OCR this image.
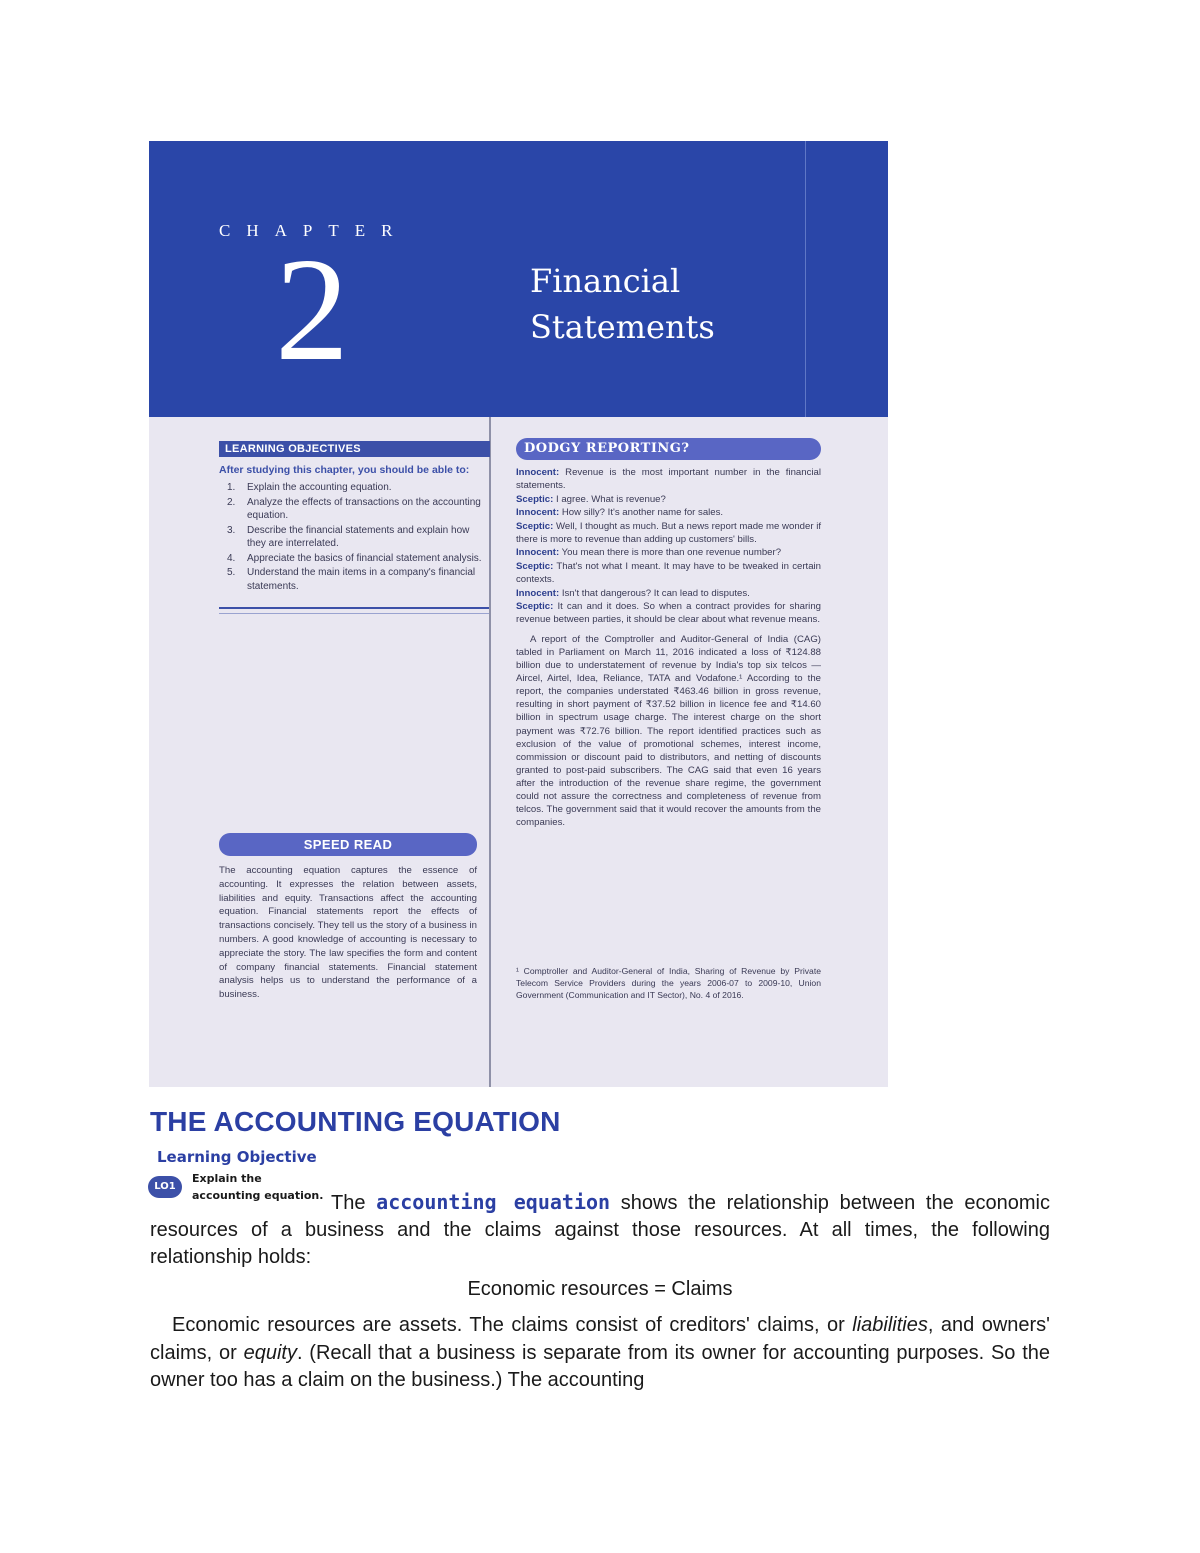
CHAPTER
2	Financial
Statements
LEARNING OBJECTIVES
After studying this chapter, you should be able to:
1. Explain the accounting equation.
2. Analyze the effects of transactions on the accounting equation.
3. Describe the financial statements and explain how they are interrelated.
4. Appreciate the basics of financial statement analysis.
5. Understand the main items in a company's financial statements.
SPEED READ

The accounting equation captures the essence of accounting. It expresses the relation between assets, liabilities and equity. Transactions affect the accounting equation. Financial statements report the effects of transactions concisely. They tell us the story of a business in numbers. A good knowledge of accounting is necessary to appreciate the story. The law specifies the form and content of company financial statements. Financial statement analysis helps us to understand the performance of a business.

DODGY REPORTING?

Innocent: Revenue is the most important number in the financial statements.

Sceptic: I agree. What is revenue?

Innocent: How silly? It's another name for sales.

Sceptic: Well, I thought as much. But a news report made me wonder if there is more to revenue than adding up customers' bills.

Innocent: You mean there is more than one revenue number?

Sceptic: That's not what I meant. It may have to be tweaked in certain contexts.

Innocent: Isn't that dangerous? It can lead to disputes.

Sceptic: It can and it does. So when a contract provides for sharing revenue between parties, it should be clear about what revenue means.

A report of the Comptroller and Auditor-General of India (CAG) tabled in Parliament on March 11, 2016 indicated a loss of ₹124.88 billion due to understatement of revenue by India's top six telcos — Aircel, Airtel, Idea, Reliance, TATA and Vodafone.¹ According to the report, the companies understated ₹463.46 billion in gross revenue, resulting in short payment of ₹37.52 billion in licence fee and ₹14.60 billion in spectrum usage charge. The interest charge on the short payment was ₹72.76 billion. The report identified practices such as exclusion of the value of promotional schemes, interest income, commission or discount paid to distributors, and netting of discounts granted to post-paid subscribers. The CAG said that even 16 years after the introduction of the revenue share regime, the government could not assure the correctness and completeness of revenue from telcos. The government said that it would recover the amounts from the companies.

¹ Comptroller and Auditor-General of India, Sharing of Revenue by Private Telecom Service Providers during the years 2006-07 to 2009-10, Union Government (Communication and IT Sector), No. 4 of 2016.

THE ACCOUNTING EQUATION
Learning Objective
LO1
Explain the
accounting equation. The accounting equation shows the relationship between the economic resources of a business and the claims against those resources. At all times, the following relationship holds:

Economic resources = Claims

Economic resources are assets. The claims consist of creditors' claims, or liabilities, and owners' claims, or equity. (Recall that a business is separate from its owner for accounting purposes. So the owner too has a claim on the business.) The accounting
